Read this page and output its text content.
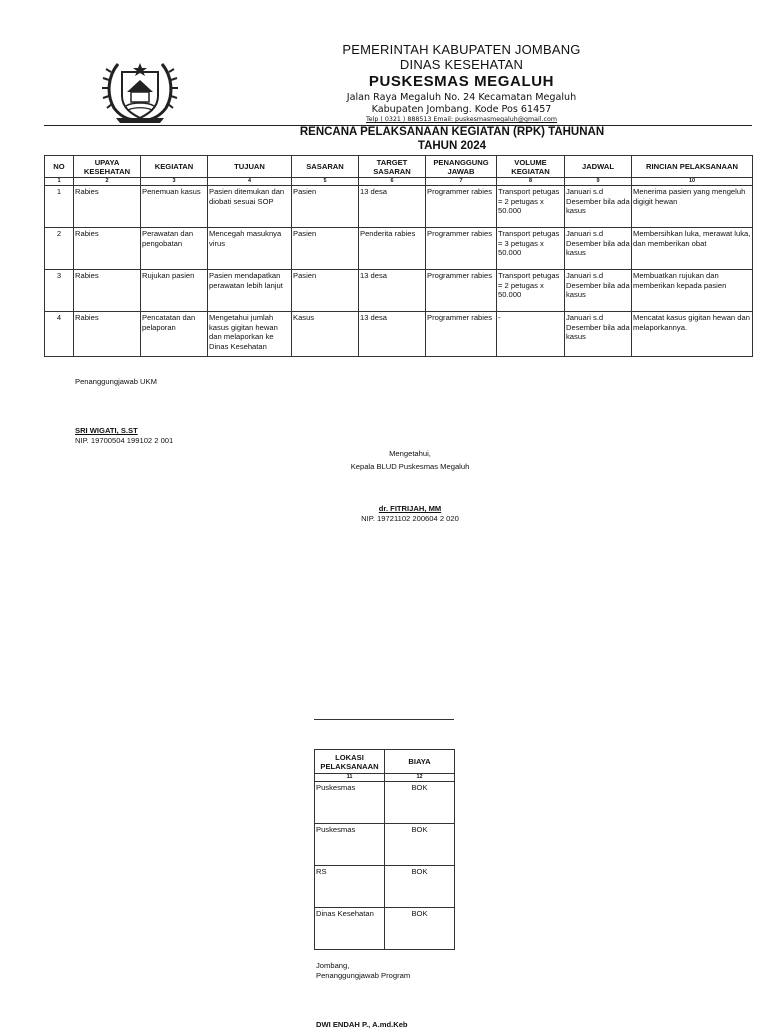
PEMERINTAH KABUPATEN JOMBANG
DINAS KESEHATAN
PUSKESMAS MEGALUH
Jalan Raya Megaluh No. 24 Kecamatan Megaluh
Kabupaten Jombang. Kode Pos 61457
Telp ( 0321 ) 888513 Email: puskesmasmegaluh@gmail.com
RENCANA PELAKSANAAN KEGIATAN (RPK) TAHUNAN
TAHUN 2024
NO	UPAYA KESEHATAN	KEGIATAN	TUJUAN	SASARAN	TARGET SASARAN	PENANGGUNG JAWAB	VOLUME KEGIATAN	JADWAL	RINCIAN PELAKSANAAN
1	2	3	4	5	6	7	8	9	10
1	Rabies	Penemuan kasus	Pasien ditemukan dan diobati sesuai SOP	Pasien	13 desa	Programmer rabies	Transport petugas = 2 petugas x 50.000	Januari s.d Desember bila ada kasus	Menerima pasien yang mengeluh digigit hewan
2	Rabies	Perawatan dan pengobatan	Mencegah masuknya virus	Pasien	Penderita rabies	Programmer rabies	Transport petugas = 3 petugas x 50.000	Januari s.d Desember bila ada kasus	Membersihkan luka, merawat luka, dan memberikan obat
3	Rabies	Rujukan pasien	Pasien mendapatkan perawatan lebih lanjut	Pasien	13 desa	Programmer rabies	Transport petugas = 2 petugas x 50.000	Januari s.d Desember bila ada kasus	Membuatkan rujukan dan memberikan kepada pasien
4	Rabies	Pencatatan dan pelaporan	Mengetahui jumlah kasus gigitan hewan dan melaporkan ke Dinas Kesehatan	Kasus	13 desa	Programmer rabies	-	Januari s.d Desember bila ada kasus	Mencatat kasus gigitan hewan dan melaporkannya.
Penanggungjawab UKM
SRI WIGATI, S.ST
NIP. 19700504 199102 2 001
Mengetahui,
Kepala BLUD Puskesmas Megaluh
dr. FITRIJAH, MM
NIP. 19721102 200604 2 020
LOKASI PELAKSANAAN	BIAYA
11	12
Puskesmas	BOK
Puskesmas	BOK
RS	BOK
Dinas Kesehatan	BOK
Jombang,
Penanggungjawab Program
DWI ENDAH P., A.md.Keb
